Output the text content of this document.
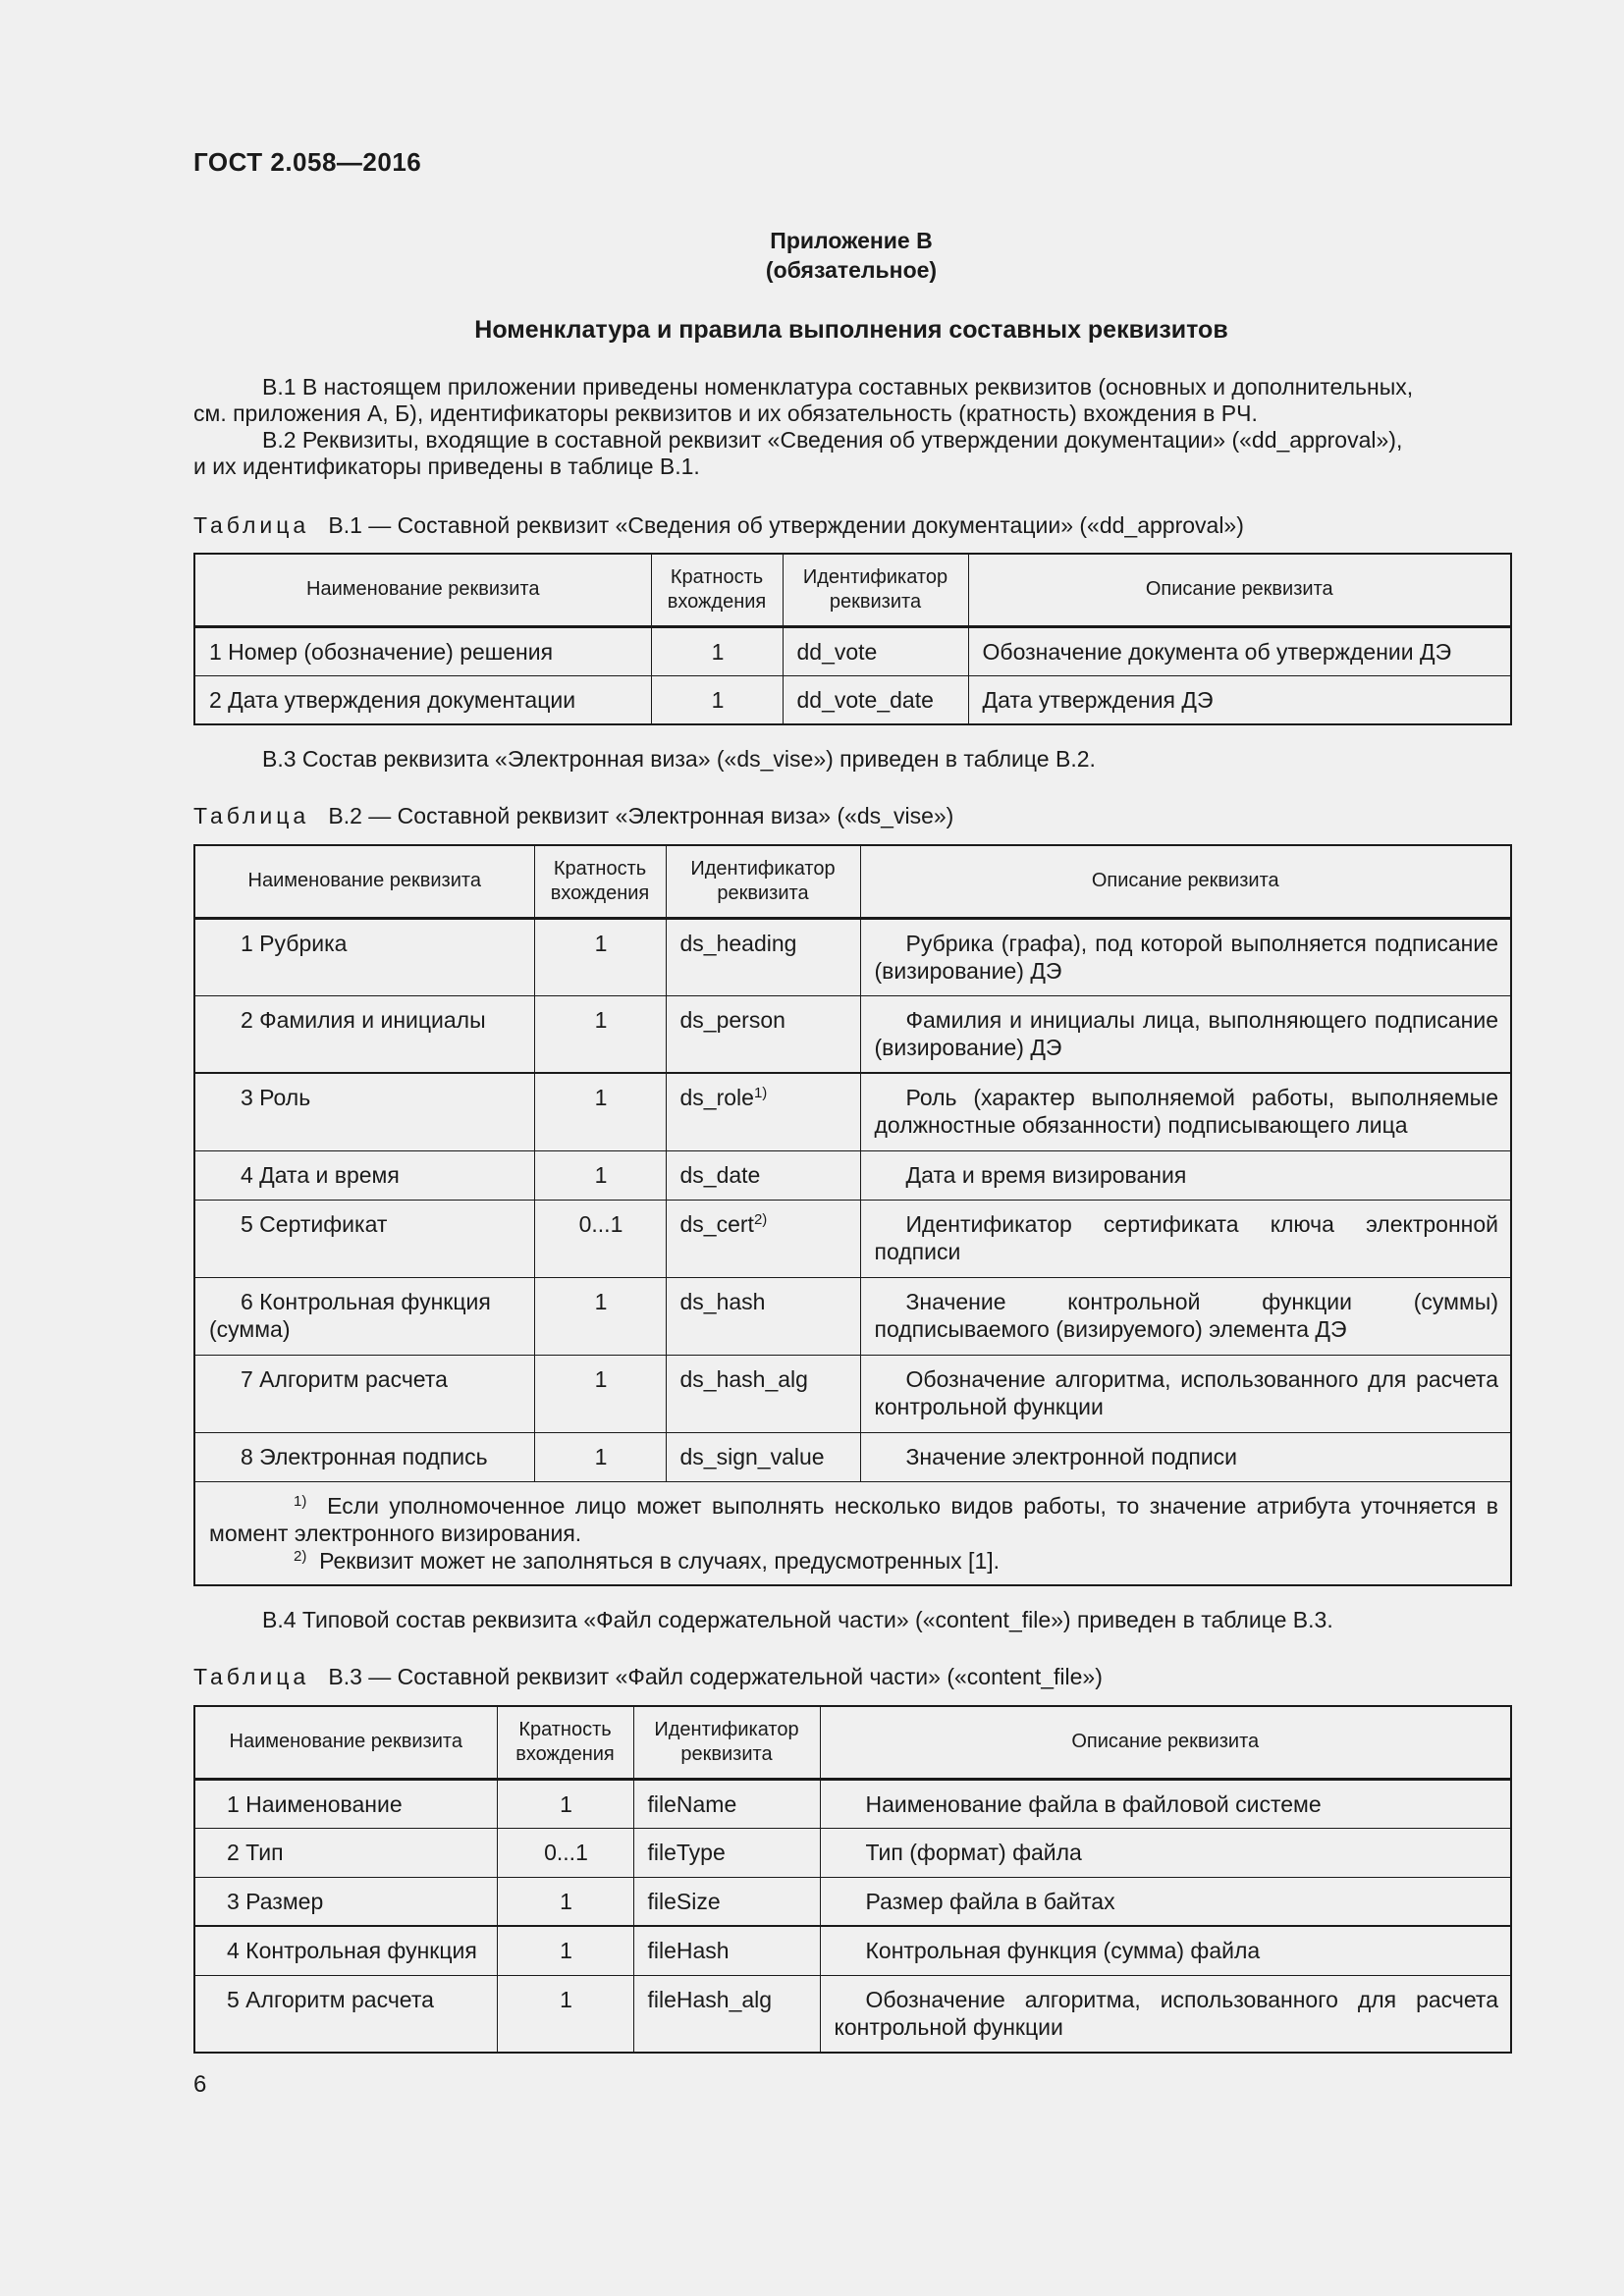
ГОСТ 2.058—2016
Приложение В
(обязательное)
Номенклатура и правила выполнения составных реквизитов
В.1 В настоящем приложении приведены номенклатура составных реквизитов (основных и дополнительных,
см. приложения А, Б), идентификаторы реквизитов и их обязательность (кратность) вхождения в РЧ.
В.2 Реквизиты, входящие в составной реквизит «Сведения об утверждении документации» («dd_approval»),
и их идентификаторы приведены в таблице В.1.
Таблица В.1 — Составной реквизит «Сведения об утверждении документации» («dd_approval»)
Наименование реквизита	Кратность вхождения	Идентификатор реквизита	Описание реквизита
1 Номер (обозначение) решения	1	dd_vote	Обозначение документа об утверждении ДЭ
2 Дата утверждения документации	1	dd_vote_date	Дата утверждения ДЭ
В.3 Состав реквизита «Электронная виза» («ds_vise») приведен в таблице В.2.
Таблица В.2 — Составной реквизит «Электронная виза» («ds_vise»)
Наименование реквизита	Кратность вхождения	Идентификатор реквизита	Описание реквизита
1 Рубрика	1	ds_heading	Рубрика (графа), под которой выполняется подписание (визирование) ДЭ
2 Фамилия и инициалы	1	ds_person	Фамилия и инициалы лица, выполняющего подписание (визирование) ДЭ
3 Роль	1	ds_role$^{1)}$	Роль (характер выполняемой работы, выполняемые должностные обязанности) подписывающего лица
4 Дата и время	1	ds_date	Дата и время визирования
5 Сертификат	0...1	ds_cert$^{2)}$	Идентификатор сертификата ключа электронной подписи
6 Контрольная функция (сумма)	1	ds_hash	Значение контрольной функции (суммы) подписываемого (визируемого) элемента ДЭ
7 Алгоритм расчета	1	ds_hash_alg	Обозначение алгоритма, использованного для расчета контрольной функции
8 Электронная подпись	1	ds_sign_value	Значение электронной подписи

$^{1)}$ Если уполномоченное лицо может выполнять несколько видов работы, то значение атрибута уточняется в момент электронного визирования.
$^{2)}$ Реквизит может не заполняться в случаях, предусмотренных [1].			
В.4 Типовой состав реквизита «Файл содержательной части» («content_file») приведен в таблице В.3.
Таблица В.3 — Составной реквизит «Файл содержательной части» («content_file»)
Наименование реквизита	Кратность вхождения	Идентификатор реквизита	Описание реквизита
1 Наименование	1	fileName	Наименование файла в файловой системе
2 Тип	0...1	fileType	Тип (формат) файла
3 Размер	1	fileSize	Размер файла в байтах
4 Контрольная функция	1	fileHash	Контрольная функция (сумма) файла
5 Алгоритм расчета	1	fileHash_alg	Обозначение алгоритма, использованного для расчета контрольной функции
6
